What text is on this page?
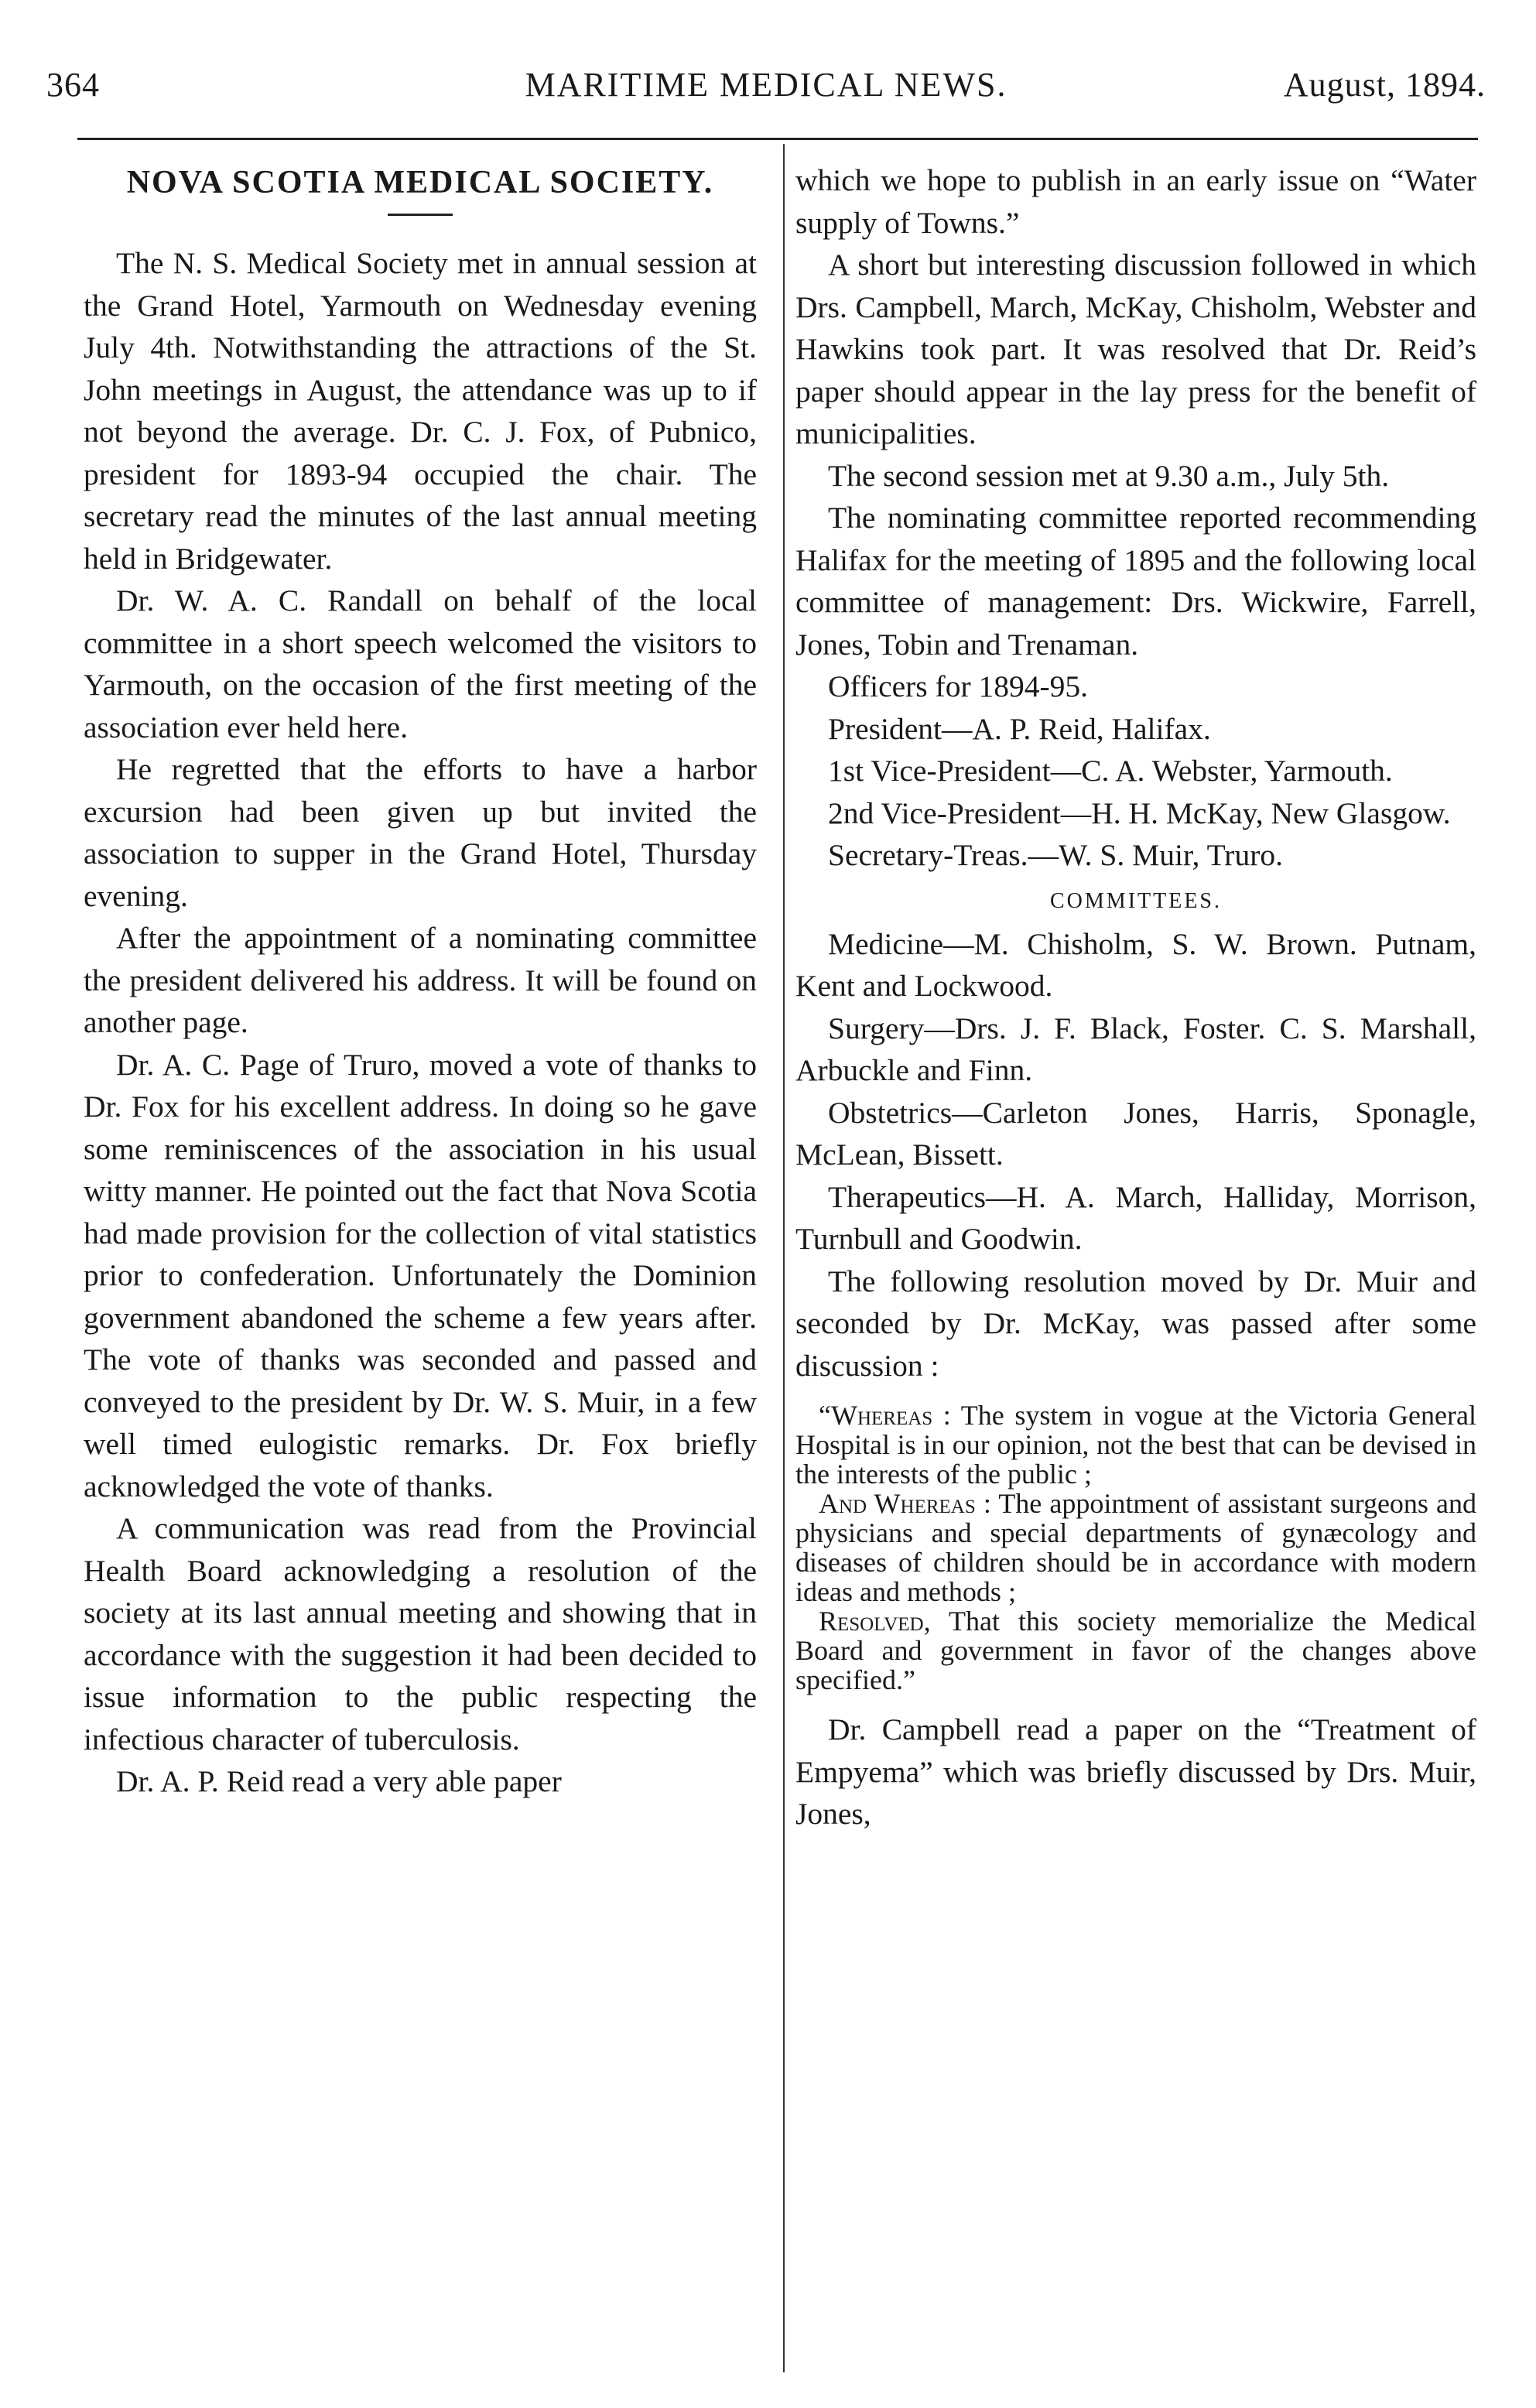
364	MARITIME MEDICAL NEWS.	August, 1894.
NOVA SCOTIA MEDICAL SOCIETY.

The N. S. Medical Society met in annual session at the Grand Hotel, Yarmouth on Wednesday evening July 4th. Notwithstanding the attractions of the St. John meetings in August, the attendance was up to if not beyond the average. Dr. C. J. Fox, of Pubnico, president for 1893-94 occupied the chair. The secretary read the minutes of the last annual meeting held in Bridgewater.

Dr. W. A. C. Randall on behalf of the local committee in a short speech welcomed the visitors to Yarmouth, on the occasion of the first meeting of the association ever held here.

He regretted that the efforts to have a harbor excursion had been given up but invited the association to supper in the Grand Hotel, Thursday evening.

After the appointment of a nominating committee the president delivered his address. It will be found on another page.

Dr. A. C. Page of Truro, moved a vote of thanks to Dr. Fox for his excellent address. In doing so he gave some reminiscences of the association in his usual witty manner. He pointed out the fact that Nova Scotia had made provision for the collection of vital statistics prior to confederation. Unfortunately the Dominion government abandoned the scheme a few years after. The vote of thanks was seconded and passed and conveyed to the president by Dr. W. S. Muir, in a few well timed eulogistic remarks. Dr. Fox briefly acknowledged the vote of thanks.

A communication was read from the Provincial Health Board acknowledging a resolution of the society at its last annual meeting and showing that in accordance with the suggestion it had been decided to issue information to the public respecting the infectious character of tuberculosis.

Dr. A. P. Reid read a very able paper

which we hope to publish in an early issue on “Water supply of Towns.”

A short but interesting discussion followed in which Drs. Campbell, March, McKay, Chisholm, Webster and Hawkins took part. It was resolved that Dr. Reid’s paper should appear in the lay press for the benefit of municipalities.

The second session met at 9.30 a.m., July 5th.

The nominating committee reported recommending Halifax for the meeting of 1895 and the following local committee of management: Drs. Wickwire, Farrell, Jones, Tobin and Trenaman.

Officers for 1894-95.

President—A. P. Reid, Halifax.

1st Vice-President—C. A. Webster, Yarmouth.

2nd Vice-President—H. H. McKay, New Glasgow.

Secretary-Treas.—W. S. Muir, Truro.

COMMITTEES.

Medicine—M. Chisholm, S. W. Brown. Putnam, Kent and Lockwood.

Surgery—Drs. J. F. Black, Foster. C. S. Marshall, Arbuckle and Finn.

Obstetrics—Carleton Jones, Harris, Sponagle, McLean, Bissett.

Therapeutics—H. A. March, Halliday, Morrison, Turnbull and Goodwin.

The following resolution moved by Dr. Muir and seconded by Dr. McKay, was passed after some discussion :

“Whereas : The system in vogue at the Victoria General Hospital is in our opinion, not the best that can be devised in the interests of the public ;

And Whereas : The appointment of assistant surgeons and physicians and special departments of gynæcology and diseases of children should be in accordance with modern ideas and methods ;

Resolved, That this society memorialize the Medical Board and government in favor of the changes above specified.”

Dr. Campbell read a paper on the “Treatment of Empyema” which was briefly discussed by Drs. Muir, Jones,
